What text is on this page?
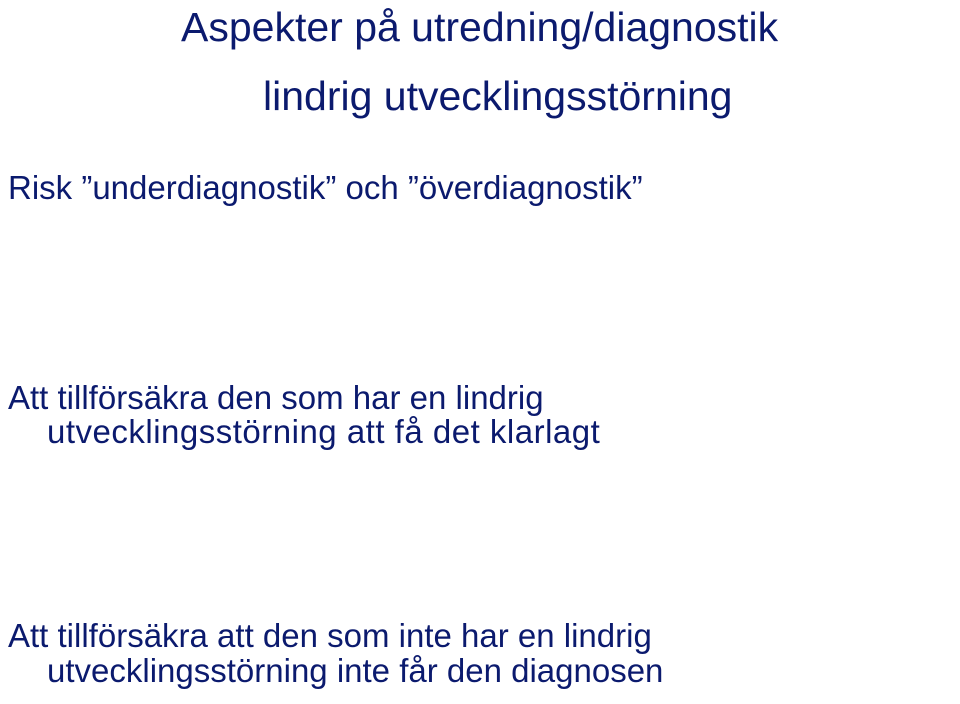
Aspekter på utredning/diagnostik
lindrig utvecklingsstörning

Risk ”underdiagnostik” och ”överdiagnostik”

Att tillförsäkra den som har en lindrig

utvecklingsstörning att få det klarlagt

Att tillförsäkra att den som inte har en lindrig

utvecklingsstörning inte får den diagnosen
